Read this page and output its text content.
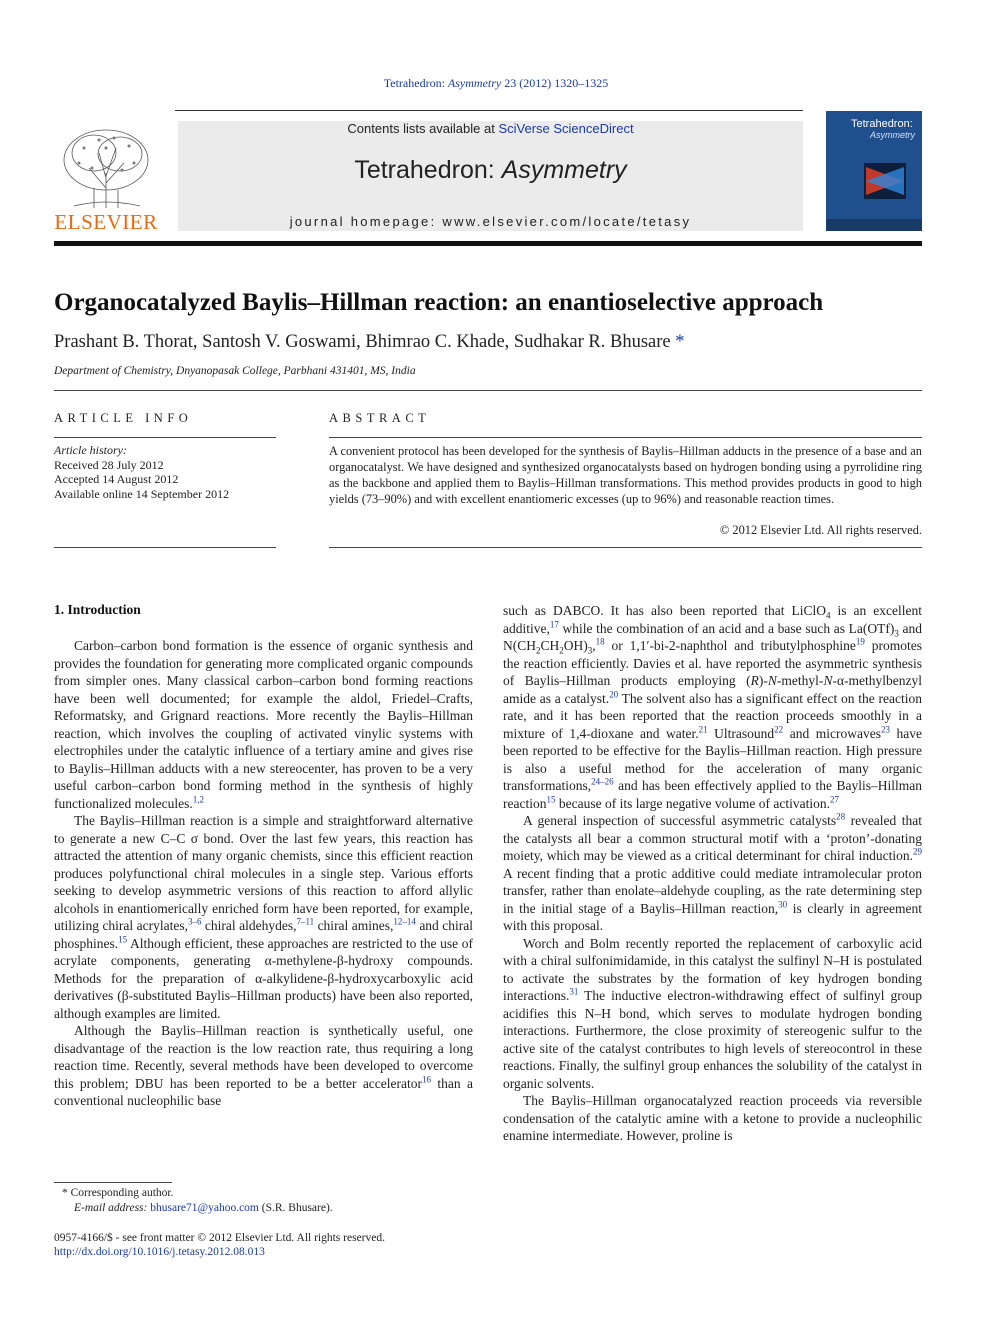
Tetrahedron: Asymmetry 23 (2012) 1320–1325
ELSEVIER
Contents lists available at SciVerse ScienceDirect
Tetrahedron: Asymmetry
journal homepage: www.elsevier.com/locate/tetasy
Tetrahedron:
Asymmetry
Organocatalyzed Baylis–Hillman reaction: an enantioselective approach
Prashant B. Thorat, Santosh V. Goswami, Bhimrao C. Khade, Sudhakar R. Bhusare *
Department of Chemistry, Dnyanopasak College, Parbhani 431401, MS, India
ARTICLE INFO
Article history:
Received 28 July 2012
Accepted 14 August 2012
Available online 14 September 2012
ABSTRACT
A convenient protocol has been developed for the synthesis of Baylis–Hillman adducts in the presence of a base and an organocatalyst. We have designed and synthesized organocatalysts based on hydrogen bonding using a pyrrolidine ring as the backbone and applied them to Baylis–Hillman transformations. This method provides products in good to high yields (73–90%) and with excellent enantiomeric excesses (up to 96%) and reasonable reaction times.
© 2012 Elsevier Ltd. All rights reserved.
1. Introduction

Carbon–carbon bond formation is the essence of organic synthesis and provides the foundation for generating more complicated organic compounds from simpler ones. Many classical carbon–carbon bond forming reactions have been well documented; for example the aldol, Friedel–Crafts, Reformatsky, and Grignard reactions. More recently the Baylis–Hillman reaction, which involves the coupling of activated vinylic systems with electrophiles under the catalytic influence of a tertiary amine and gives rise to Baylis–Hillman adducts with a new stereocenter, has proven to be a very useful carbon–carbon bond forming method in the synthesis of highly functionalized molecules.$^{1,2}$

The Baylis–Hillman reaction is a simple and straightforward alternative to generate a new C–C σ bond. Over the last few years, this reaction has attracted the attention of many organic chemists, since this efficient reaction produces polyfunctional chiral molecules in a single step. Various efforts seeking to develop asymmetric versions of this reaction to afford allylic alcohols in enantiomerically enriched form have been reported, for example, utilizing chiral acrylates,$^{3-6}$ chiral aldehydes,$^{7-11}$ chiral amines,$^{12-14}$ and chiral phosphines.$^{15}$ Although efficient, these approaches are restricted to the use of acrylate components, generating α-methylene-β-hydroxy compounds. Methods for the preparation of α-alkylidene-β-hydroxycarboxylic acid derivatives (β-substituted Baylis–Hillman products) have been also reported, although examples are limited.

Although the Baylis–Hillman reaction is synthetically useful, one disadvantage of the reaction is the low reaction rate, thus requiring a long reaction time. Recently, several methods have been developed to overcome this problem; DBU has been reported to be a better accelerator$^{16}$ than a conventional nucleophilic base

such as DABCO. It has also been reported that LiClO$_4$ is an excellent additive,$^{17}$ while the combination of an acid and a base such as $La(OTf)_3$ and $N(CH_2CH_2OH)_3,^{18}$ or 1,1′-bi-2-naphthol and tributylphosphine$^{19}$ promotes the reaction efficiently. Davies et al. have reported the asymmetric synthesis of Baylis–Hillman products employing (R)-N-methyl-N-α-methylbenzyl amide as a catalyst.$^{20}$ The solvent also has a significant effect on the reaction rate, and it has been reported that the reaction proceeds smoothly in a mixture of 1,4-dioxane and water.$^{21}$ Ultrasound$^{22}$ and microwaves$^{23}$ have been reported to be effective for the Baylis–Hillman reaction. High pressure is also a useful method for the acceleration of many organic transformations,$^{24-26}$ and has been effectively applied to the Baylis–Hillman reaction$^{15}$ because of its large negative volume of activation.$^{27}$

A general inspection of successful asymmetric catalysts$^{28}$ revealed that the catalysts all bear a common structural motif with a ‘proton’-donating moiety, which may be viewed as a critical determinant for chiral induction.$^{29}$ A recent finding that a protic additive could mediate intramolecular proton transfer, rather than enolate–aldehyde coupling, as the rate determining step in the initial stage of a Baylis–Hillman reaction,$^{30}$ is clearly in agreement with this proposal.

Worch and Bolm recently reported the replacement of carboxylic acid with a chiral sulfonimidamide, in this catalyst the sulfinyl N–H is postulated to activate the substrates by the formation of key hydrogen bonding interactions.$^{31}$ The inductive electron-withdrawing effect of sulfinyl group acidifies this N–H bond, which serves to modulate hydrogen bonding interactions. Furthermore, the close proximity of stereogenic sulfur to the active site of the catalyst contributes to high levels of stereocontrol in these reactions. Finally, the sulfinyl group enhances the solubility of the catalyst in organic solvents.

The Baylis–Hillman organocatalyzed reaction proceeds via reversible condensation of the catalytic amine with a ketone to provide a nucleophilic enamine intermediate. However, proline is

* Corresponding author.
E-mail address: bhusare71@yahoo.com (S.R. Bhusare).
0957-4166/$ - see front matter © 2012 Elsevier Ltd. All rights reserved.
http://dx.doi.org/10.1016/j.tetasy.2012.08.013
